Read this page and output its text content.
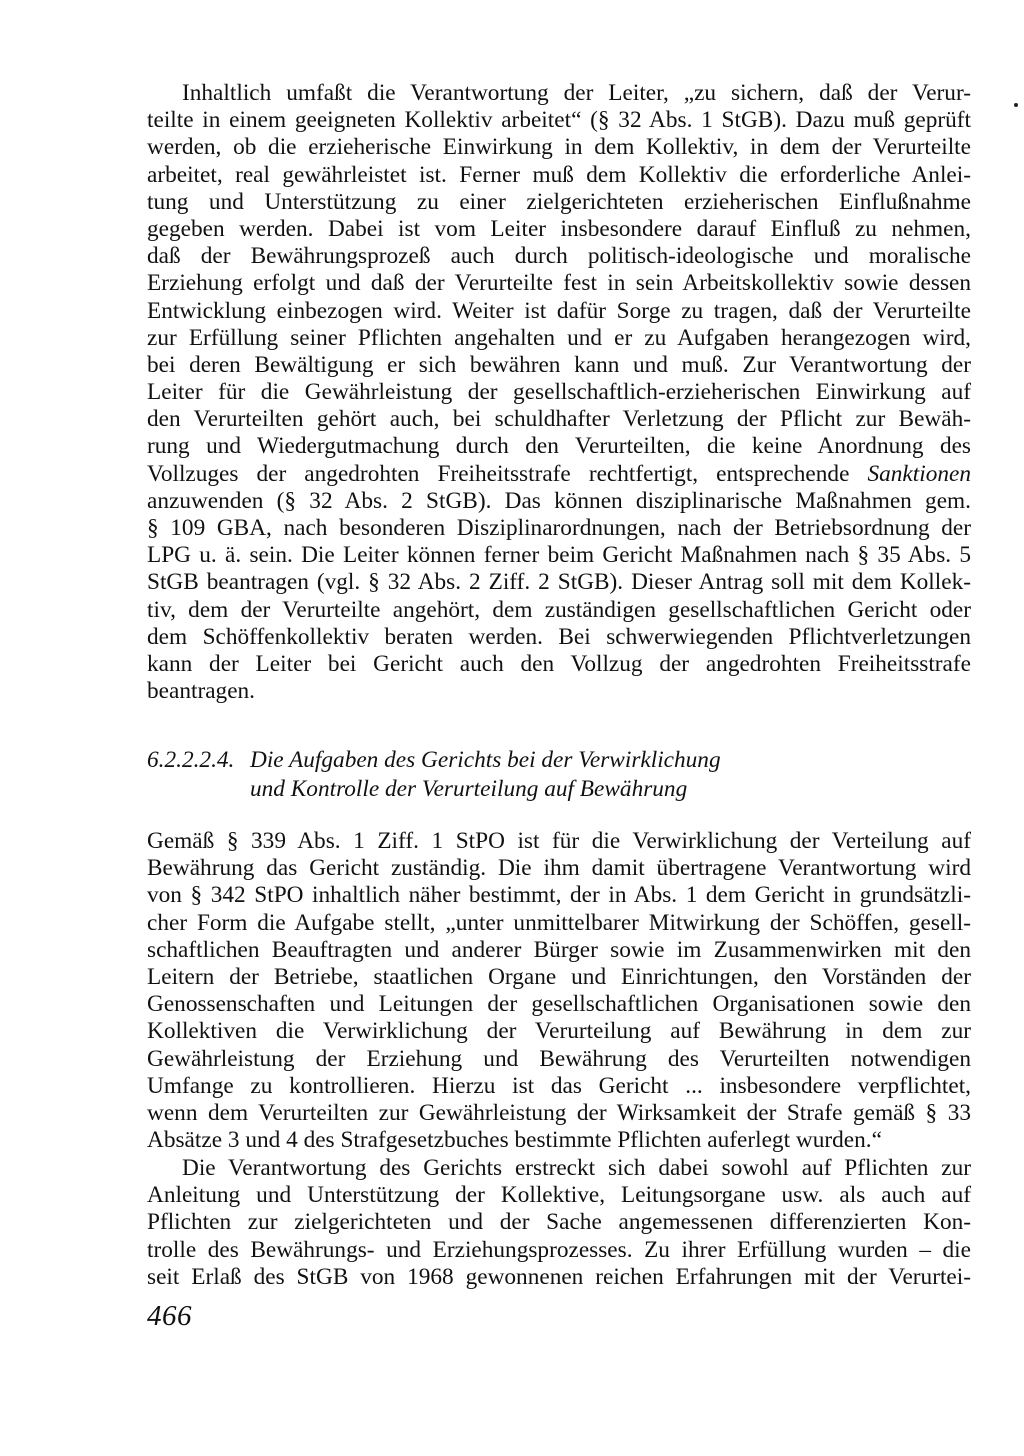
Inhaltlich umfaßt die Verantwortung der Leiter, „zu sichern, daß der Verur-
teilte in einem geeigneten Kollektiv arbeitet“ (§ 32 Abs. 1 StGB). Dazu muß geprüft
werden, ob die erzieherische Einwirkung in dem Kollektiv, in dem der Verurteilte
arbeitet, real gewährleistet ist. Ferner muß dem Kollektiv die erforderliche Anlei-
tung und Unterstützung zu einer zielgerichteten erzieherischen Einflußnahme
gegeben werden. Dabei ist vom Leiter insbesondere darauf Einfluß zu nehmen,
daß der Bewährungsprozeß auch durch politisch-ideologische und moralische
Erziehung erfolgt und daß der Verurteilte fest in sein Arbeitskollektiv sowie dessen
Entwicklung einbezogen wird. Weiter ist dafür Sorge zu tragen, daß der Verurteilte
zur Erfüllung seiner Pflichten angehalten und er zu Aufgaben herangezogen wird,
bei deren Bewältigung er sich bewähren kann und muß. Zur Verantwortung der
Leiter für die Gewährleistung der gesellschaftlich-erzieherischen Einwirkung auf
den Verurteilten gehört auch, bei schuldhafter Verletzung der Pflicht zur Bewäh-
rung und Wiedergutmachung durch den Verurteilten, die keine Anordnung des
Vollzuges der angedrohten Freiheitsstrafe rechtfertigt, entsprechende Sanktionen
anzuwenden (§ 32 Abs. 2 StGB). Das können disziplinarische Maßnahmen gem.
§ 109 GBA, nach besonderen Disziplinarordnungen, nach der Betriebsordnung der
LPG u. ä. sein. Die Leiter können ferner beim Gericht Maßnahmen nach § 35 Abs. 5
StGB beantragen (vgl. § 32 Abs. 2 Ziff. 2 StGB). Dieser Antrag soll mit dem Kollek-
tiv, dem der Verurteilte angehört, dem zuständigen gesellschaftlichen Gericht oder
dem Schöffenkollektiv beraten werden. Bei schwerwiegenden Pflichtverletzungen
kann der Leiter bei Gericht auch den Vollzug der angedrohten Freiheitsstrafe
beantragen.
6.2.2.2.4. Die Aufgaben des Gerichts bei der Verwirklichung
und Kontrolle der Verurteilung auf Bewährung
Gemäß § 339 Abs. 1 Ziff. 1 StPO ist für die Verwirklichung der Verteilung auf
Bewährung das Gericht zuständig. Die ihm damit übertragene Verantwortung wird
von § 342 StPO inhaltlich näher bestimmt, der in Abs. 1 dem Gericht in grundsätzli-
cher Form die Aufgabe stellt, „unter unmittelbarer Mitwirkung der Schöffen, gesell-
schaftlichen Beauftragten und anderer Bürger sowie im Zusammenwirken mit den
Leitern der Betriebe, staatlichen Organe und Einrichtungen, den Vorständen der
Genossenschaften und Leitungen der gesellschaftlichen Organisationen sowie den
Kollektiven die Verwirklichung der Verurteilung auf Bewährung in dem zur
Gewährleistung der Erziehung und Bewährung des Verurteilten notwendigen
Umfange zu kontrollieren. Hierzu ist das Gericht ... insbesondere verpflichtet,
wenn dem Verurteilten zur Gewährleistung der Wirksamkeit der Strafe gemäß § 33
Absätze 3 und 4 des Strafgesetzbuches bestimmte Pflichten auferlegt wurden.“
Die Verantwortung des Gerichts erstreckt sich dabei sowohl auf Pflichten zur
Anleitung und Unterstützung der Kollektive, Leitungsorgane usw. als auch auf
Pflichten zur zielgerichteten und der Sache angemessenen differenzierten Kon-
trolle des Bewährungs- und Erziehungsprozesses. Zu ihrer Erfüllung wurden – die
seit Erlaß des StGB von 1968 gewonnenen reichen Erfahrungen mit der Verurtei-
466
